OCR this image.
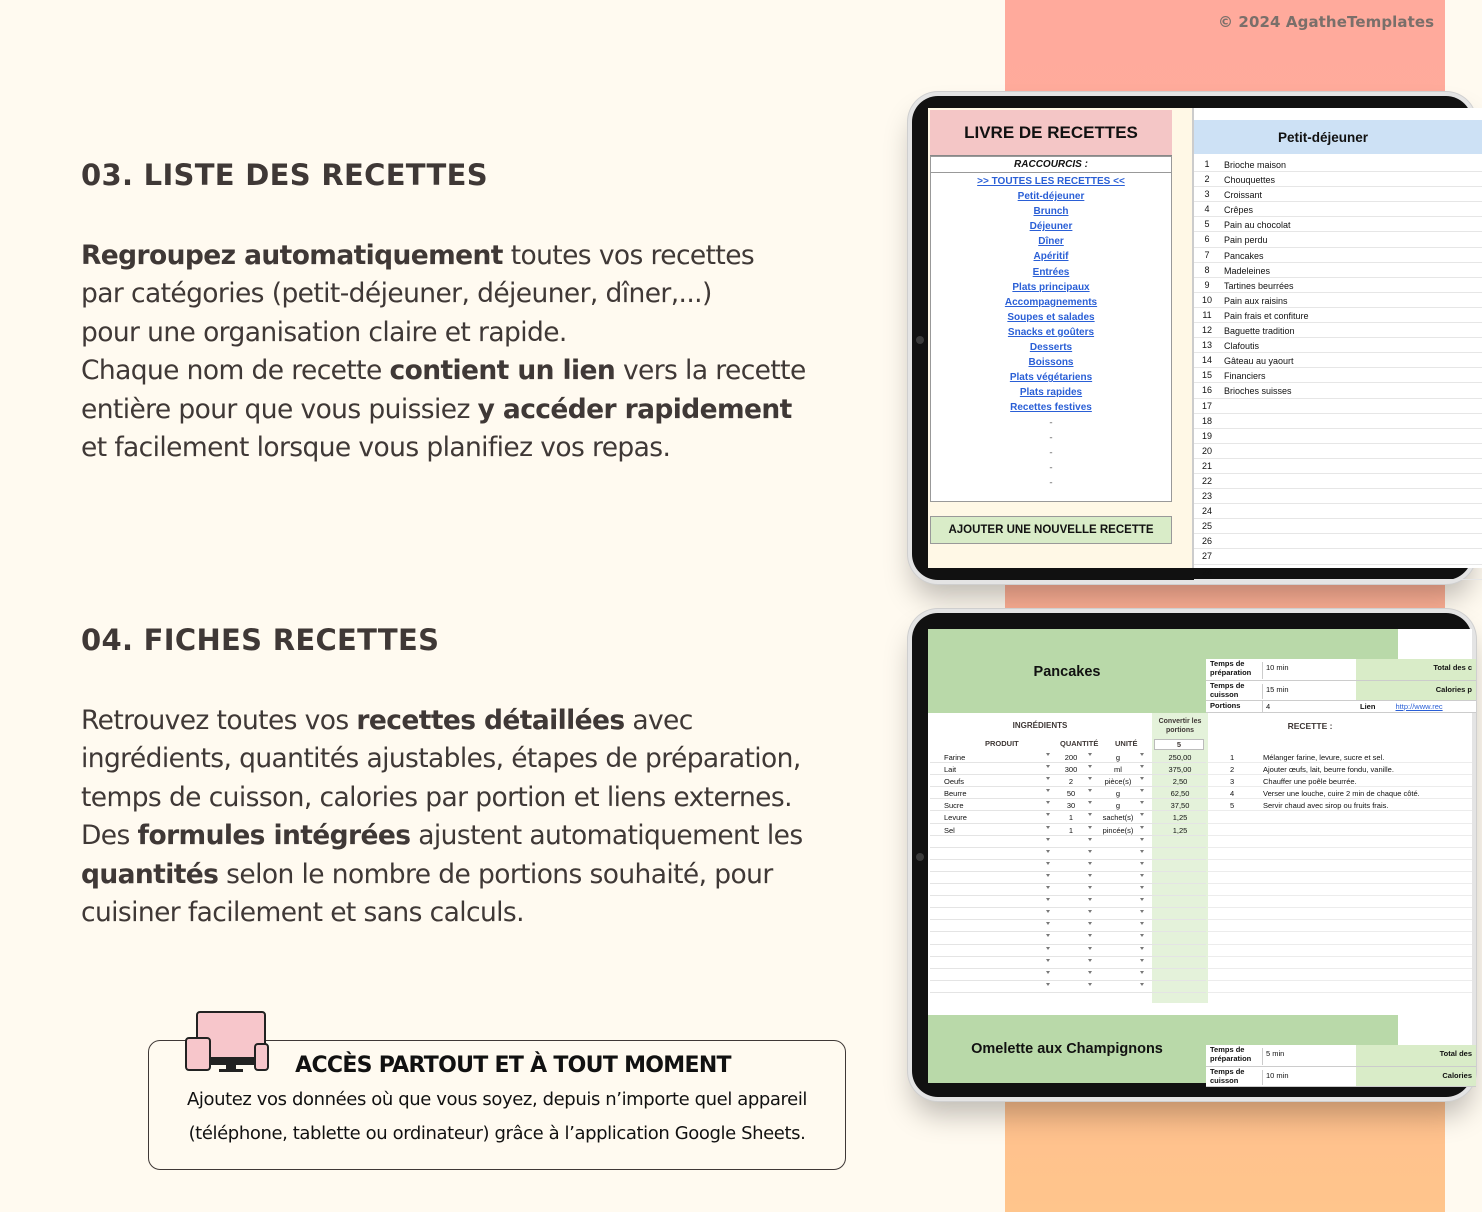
© 2024 AgatheTemplates
03. LISTE DES RECETTES
Regroupez automatiquement toutes vos recettes
par catégories (petit-déjeuner, déjeuner, dîner,...)
pour une organisation claire et rapide.
Chaque nom de recette contient un lien vers la recette
entière pour que vous puissiez y accéder rapidement
et facilement lorsque vous planifiez vos repas.
04. FICHES RECETTES
Retrouvez toutes vos recettes détaillées avec
ingrédients, quantités ajustables, étapes de préparation,
temps de cuisson, calories par portion et liens externes.
Des formules intégrées ajustent automatiquement les
quantités selon le nombre de portions souhaité, pour
cuisiner facilement et sans calculs.
ACCÈS PARTOUT ET À TOUT MOMENT
Ajoutez vos données où que vous soyez, depuis n’importe quel appareil
(téléphone, tablette ou ordinateur) grâce à l’application Google Sheets.
LIVRE DE RECETTES
RACCOURCIS :
>> TOUTES LES RECETTES <<
Petit-déjeuner
Brunch
Déjeuner
Dîner
Apéritif
Entrées
Plats principaux
Accompagnements
Soupes et salades
Snacks et goûters
Desserts
Boissons
Plats végétariens
Plats rapides
Recettes festives
-
-
-
-
-
AJOUTER UNE NOUVELLE RECETTE
Petit-déjeuner
1	Brioche maison
2	Chouquettes
3	Croissant
4	Crêpes
5	Pain au chocolat
6	Pain perdu
7	Pancakes
8	Madeleines
9	Tartines beurrées
10	Pain aux raisins
11	Pain frais et confiture
12	Baguette tradition
13	Clafoutis
14	Gâteau au yaourt
15	Financiers
16	Brioches suisses
17
18
19
20
21
22
23
24
25
26
27
28
Pancakes
Temps de préparation	10 min	Total des c
Temps de cuisson	15 min	Calories p
Portions	4	Lien	http://www.rec
INGRÉDIENTS
PRODUIT	QUANTITÉ UNITÉ
Convertir les portions
5
Farine	200	g	250,00
Lait	300	ml	375,00
Oeufs	2	pièce(s)	2,50
Beurre	50	g	62,50
Sucre	30	g	37,50
Levure	1	sachet(s)	1,25
Sel	1	pincée(s)	1,25
RECETTE :
1	Mélanger farine, levure, sucre et sel.
2	Ajouter œufs, lait, beurre fondu, vanille.
3	Chauffer une poêle beurrée.
4	Verser une louche, cuire 2 min de chaque côté.
5	Servir chaud avec sirop ou fruits frais.
Omelette aux Champignons	Temps de préparation	5 min	Total des
Temps de cuisson	10 min	Calories
